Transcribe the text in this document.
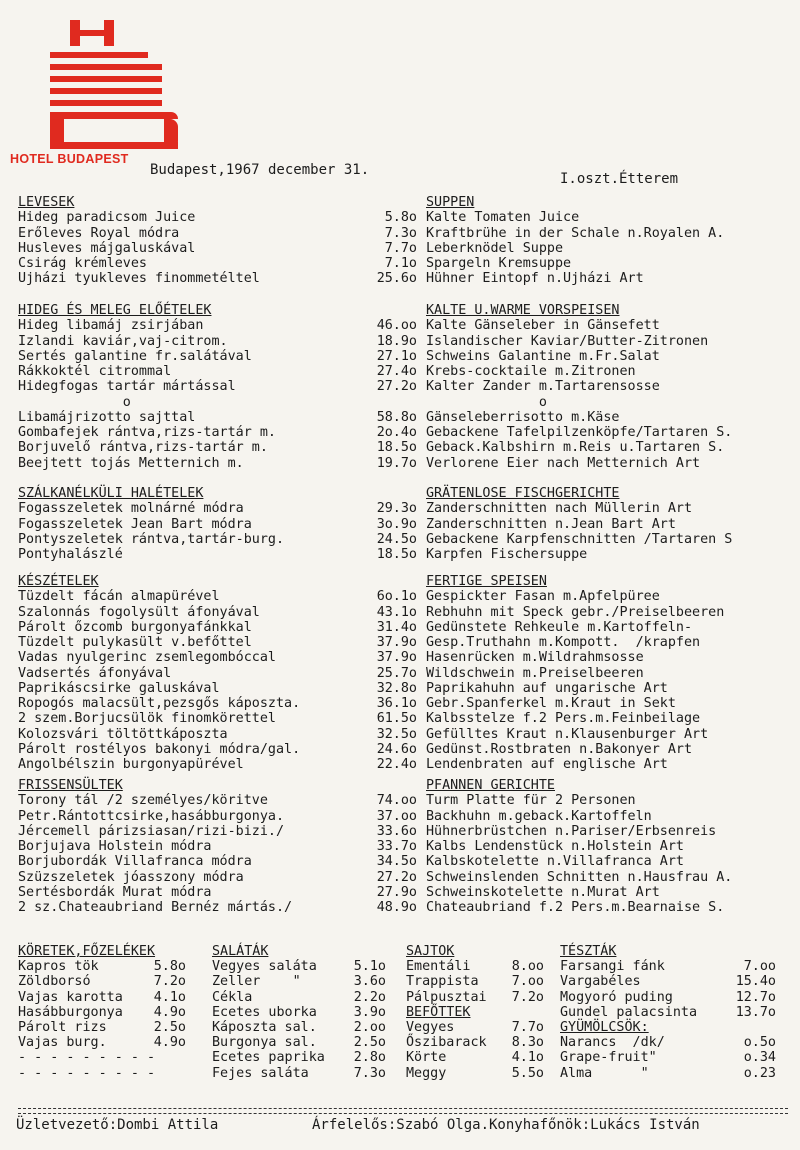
HOTEL BUDAPEST
Budapest,1967 december 31.
I.oszt.Étterem
LEVESEK	SUPPEN
Hideg paradicsom Juice	5.8o Kalte Tomaten Juice
Erőleves Royal módra	7.3o Kraftbrühe in der Schale n.Royalen A.
Husleves májgaluskával	7.7o Leberknödel Suppe
Csirág krémleves	7.1o Spargeln Kremsuppe
Ujházi tyukleves finommetéltel	25.6o Hühner Eintopf n.Ujházi Art
HIDEG ÉS MELEG ELŐÉTELEK	KALTE U.WARME VORSPEISEN
Hideg libamáj zsirjában	46.oo Kalte Gänseleber in Gänsefett
Izlandi kaviár,vaj-citrom.	18.9o Islandischer Kaviar/Butter-Zitronen
Sertés galantine fr.salátával	27.1o Schweins Galantine m.Fr.Salat
Rákkoktél citrommal	27.4o Krebs-cocktaile m.Zitronen
Hidegfogas tartár mártással	27.2o Kalter Zander m.Tartarensosse
o	o
Libamájrizotto sajttal	58.8o Gänseleberrisotto m.Käse
Gombafejek rántva,rizs-tartár m.	2o.4o Gebackene Tafelpilzenköpfe/Tartaren S.
Borjuvelő rántva,rizs-tartár m.	18.5o Geback.Kalbshirn m.Reis u.Tartaren S.
Beejtett tojás Metternich m.	19.7o Verlorene Eier nach Metternich Art
SZÁLKANÉLKÜLI HALÉTELEK	GRÄTENLOSE FISCHGERICHTE
Fogasszeletek molnárné módra	29.3o Zanderschnitten nach Müllerin Art
Fogasszeletek Jean Bart módra	3o.9o Zanderschnitten n.Jean Bart Art
Pontyszeletek rántva,tartár-burg.	24.5o Gebackene Karpfenschnitten /Tartaren S
Pontyhalászlé	18.5o Karpfen Fischersuppe
KÉSZÉTELEK	FERTIGE SPEISEN
Tüzdelt fácán almapürével	6o.1o Gespickter Fasan m.Apfelpüree
Szalonnás fogolysült áfonyával	43.1o Rebhuhn mit Speck gebr./Preiselbeeren
Párolt őzcomb burgonyafánkkal	31.4o Gedünstete Rehkeule m.Kartoffeln-
Tüzdelt pulykasült v.befőttel	37.9o Gesp.Truthahn m.Kompott.  /krapfen
Vadas nyulgerinc zsemlegombóccal	37.9o Hasenrücken m.Wildrahmsosse
Vadsertés áfonyával	25.7o Wildschwein m.Preiselbeeren
Paprikáscsirke galuskával	32.8o Paprikahuhn auf ungarische Art
Ropogós malacsült,pezsgős káposzta.	36.1o Gebr.Spanferkel m.Kraut in Sekt
2 szem.Borjucsülök finomkörettel	61.5o Kalbsstelze f.2 Pers.m.Feinbeilage
Kolozsvári töltöttkáposzta	32.5o Gefülltes Kraut n.Klausenburger Art
Párolt rostélyos bakonyi módra/gal.	24.6o Gedünst.Rostbraten n.Bakonyer Art
Angolbélszin burgonyapürével	22.4o Lendenbraten auf englische Art
FRISSENSÜLTEK	PFANNEN GERICHTE
Torony tál /2 személyes/köritve	74.oo Turm Platte für 2 Personen
Petr.Rántottcsirke,hasábburgonya.	37.oo Backhuhn m.geback.Kartoffeln
Jércemell párizsiasan/rizi-bizi./	33.6o Hühnerbrüstchen n.Pariser/Erbsenreis
Borjujava Holstein módra	33.7o Kalbs Lendenstück n.Holstein Art
Borjubordák Villafranca módra	34.5o Kalbskotelette n.Villafranca Art
Szüzszeletek jóasszony módra	27.2o Schweinslenden Schnitten n.Hausfrau A.
Sertésbordák Murat módra	27.9o Schweinskotelette n.Murat Art
2 sz.Chateaubriand Bernéz mártás./	48.9o Chateaubriand f.2 Pers.m.Bearnaise S.
KÖRETEK,FŐZELÉKEK
Kapros tök	5.8o
Zöldborsó	7.2o
Vajas karotta	4.1o
Hasábburgonya	4.9o
Párolt rizs	2.5o
Vajas burg.	4.9o
- - - - - - - - -
- - - - - - - - -
SALÁTÁK
Vegyes saláta	5.1o
Zeller    "	3.6o
Cékla	2.2o
Ecetes uborka	3.9o
Káposzta sal.	2.oo
Burgonya sal.	2.5o
Ecetes paprika	2.8o
Fejes saláta	7.3o
SAJTOK
Ementáli	8.oo
Trappista	7.oo
Pálpusztai	7.2o
BEFŐTTEK
Vegyes	7.7o
Őszibarack	8.3o
Körte	4.1o
Meggy	5.5o
TÉSZTÁK
Farsangi fánk	7.oo
Vargabéles	15.4o
Mogyoró puding	12.7o
Gundel palacsinta	13.7o
GYÜMÖLCSÖK:
Narancs  /dk/	o.5o
Grape-fruit"	o.34
Alma      "	o.23
Üzletvezető:Dombi Attila	Árfelelős:Szabó Olga.Konyhafőnök:Lukács István
